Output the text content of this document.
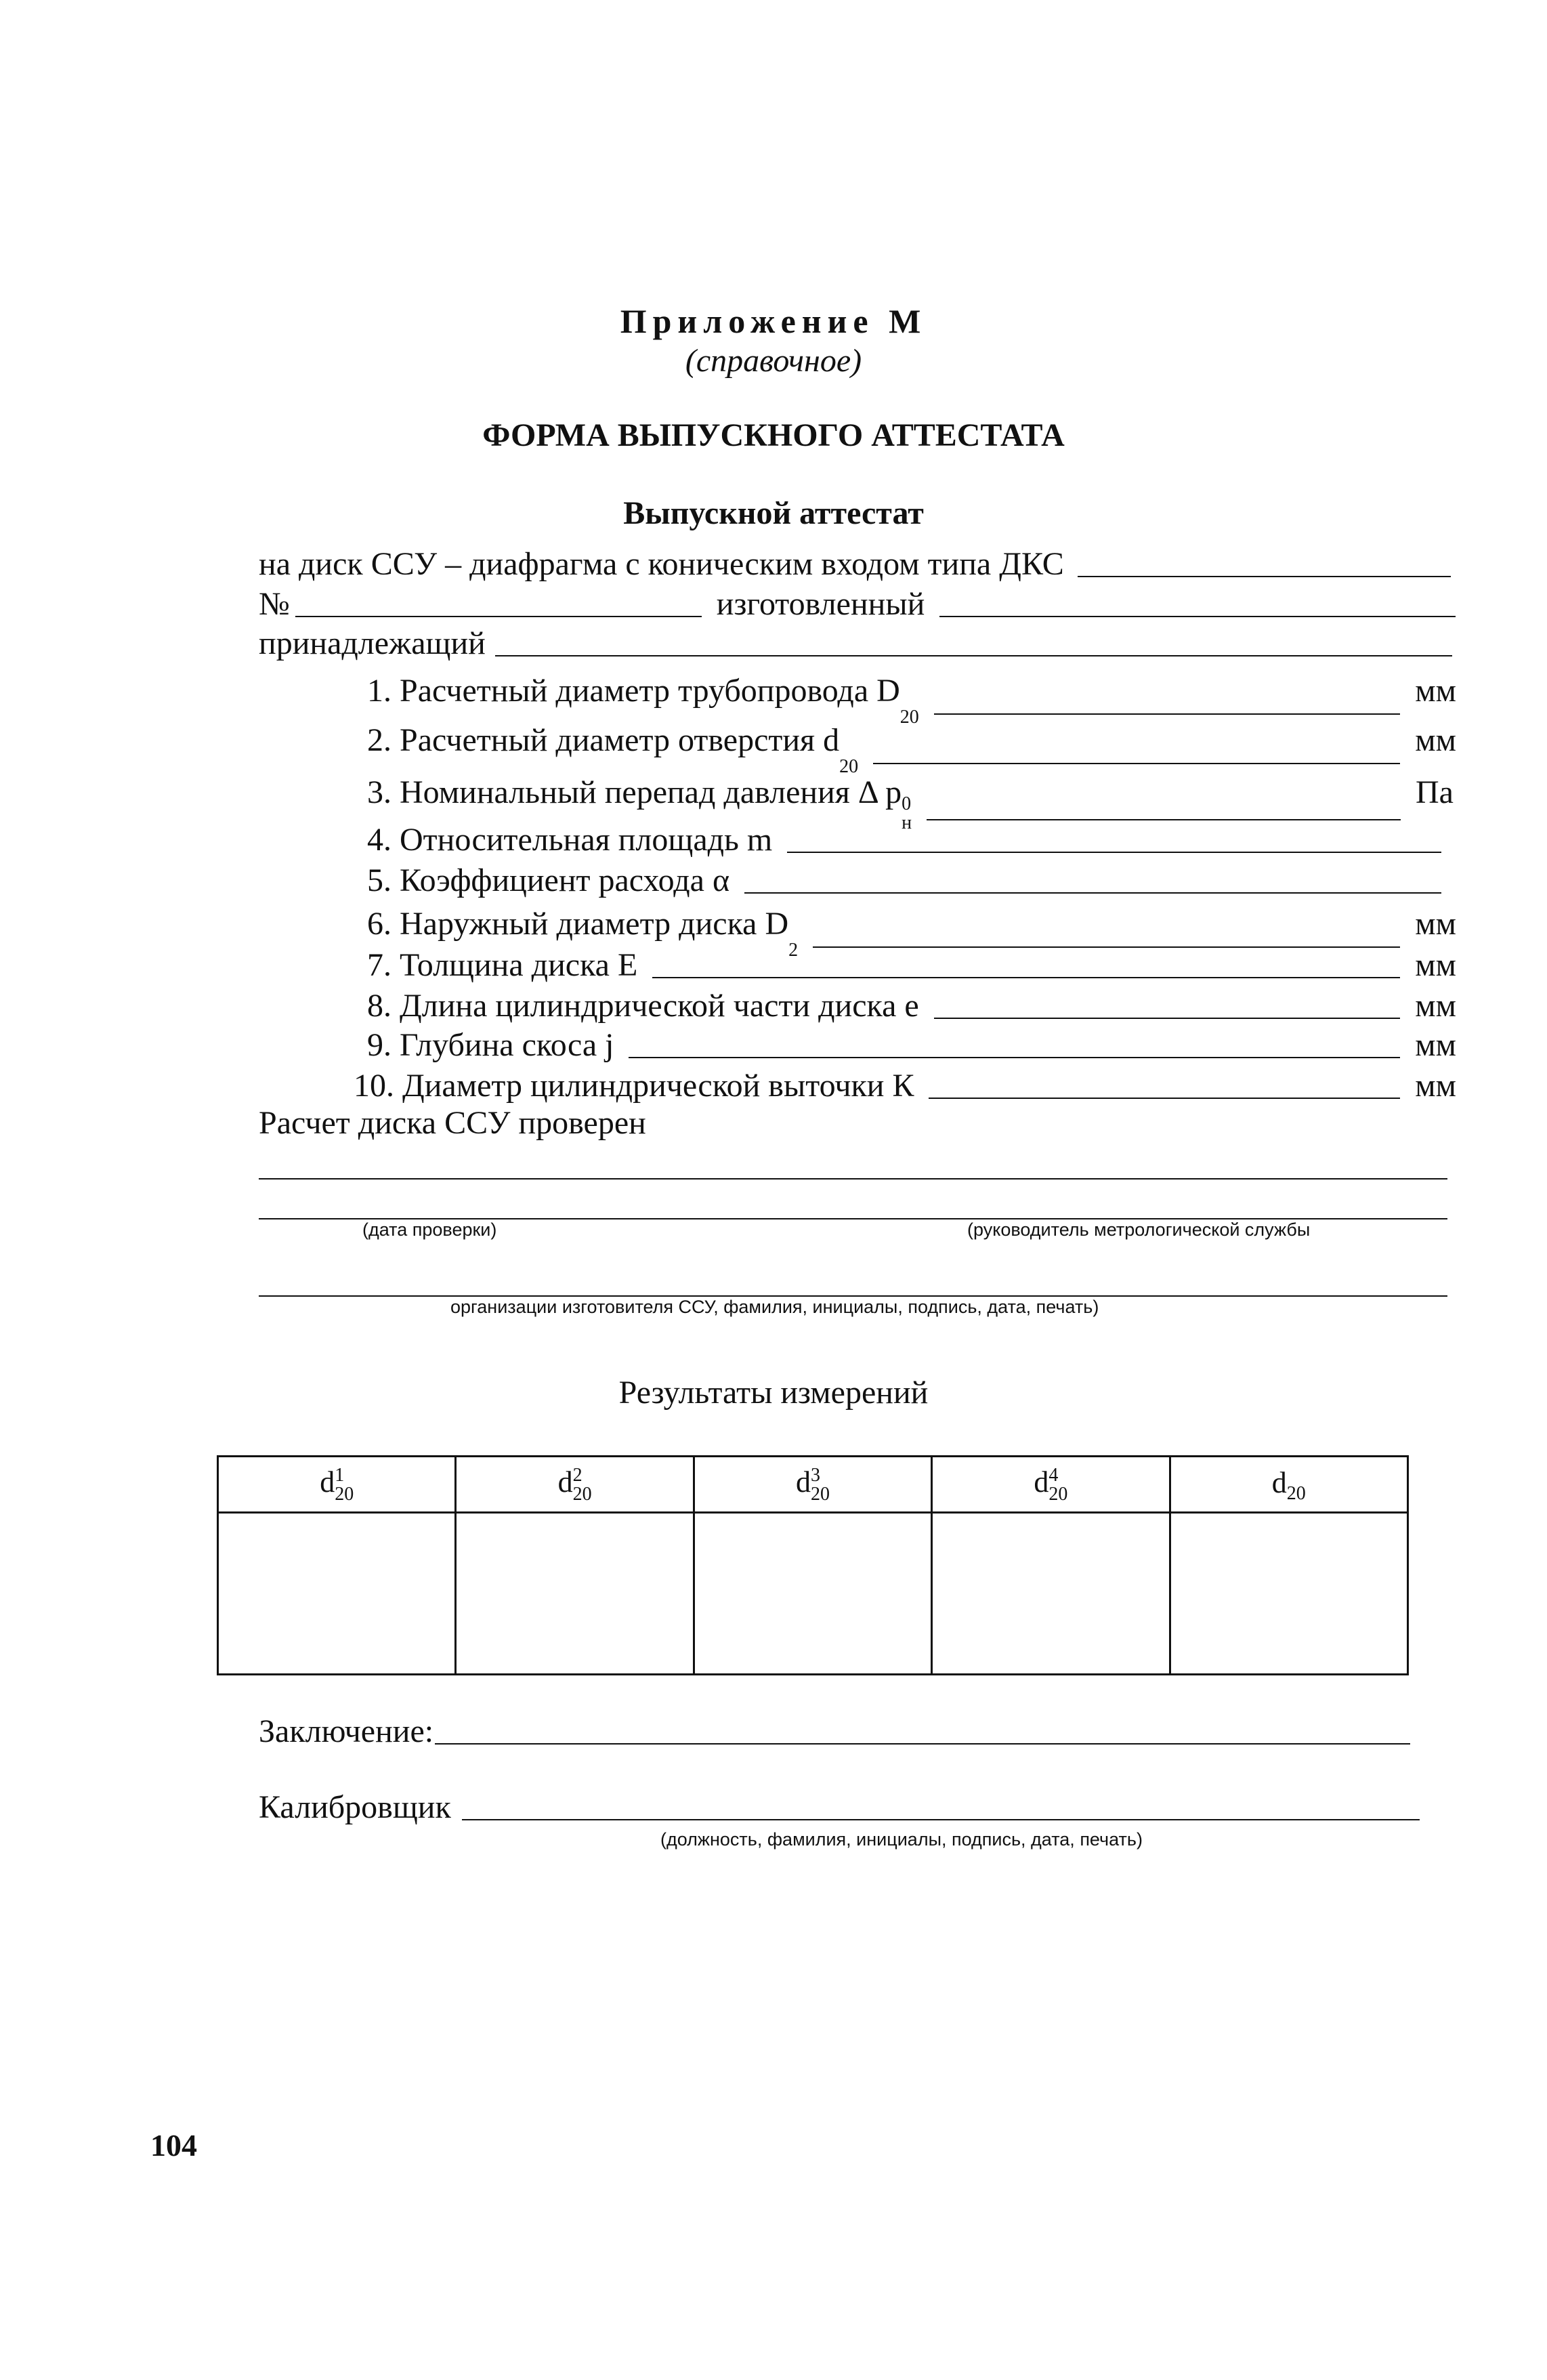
Приложение М
(справочное)
ФОРМА ВЫПУСКНОГО АТТЕСТАТА
Выпускной аттестат
на диск ССУ – диафрагма с коническим входом типа ДКС
№	изготовленный
принадлежащий
1. Расчетный диаметр трубопровода D
20
мм
2. Расчетный диаметр отверстия d
20
мм
3. Номинальный перепад давления Δ p 0
н
Па
4. Относительная площадь m
5. Коэффициент расхода α
6. Наружный диаметр диска D
2
мм
7. Толщина диска Е	мм
8. Длина цилиндрической части диска e	мм
9. Глубина скоса j	мм
10. Диаметр цилиндрической выточки К	мм
Расчет диска ССУ проверен
(дата проверки)	(руководитель метрологической службы
организации изготовителя ССУ, фамилия, инициалы, подпись, дата, печать)
Результаты измерений
d 1
20	d 2
20	d 3
20	d 4
20	d 20

Заключение:
Калибровщик
(должность, фамилия, инициалы, подпись, дата, печать)
104
